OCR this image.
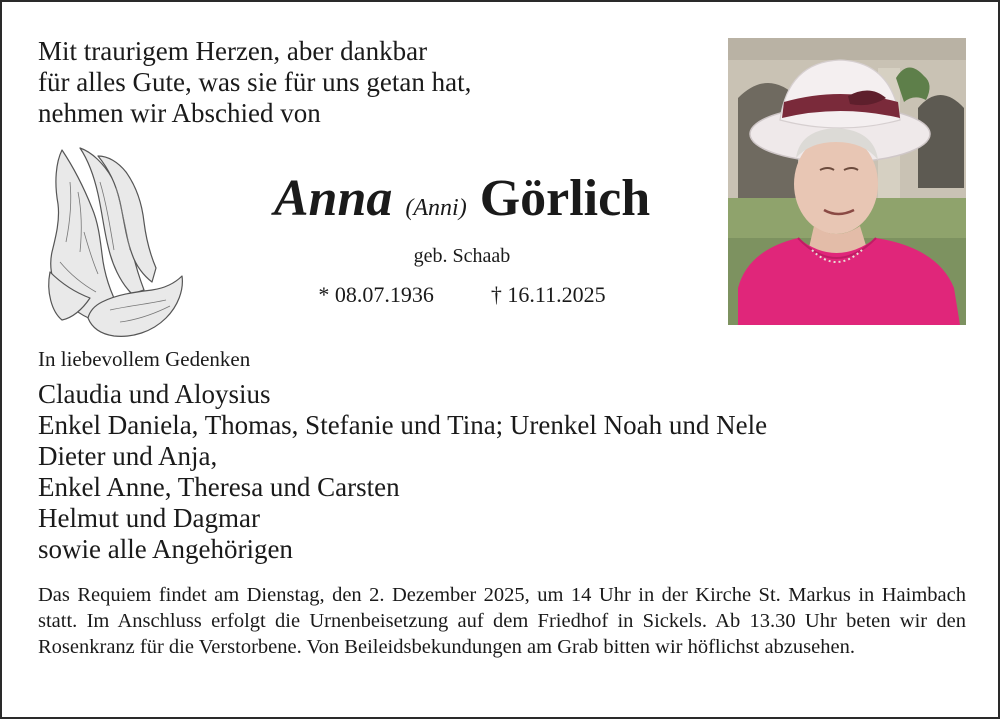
Mit traurigem Herzen, aber dankbar
für alles Gute, was sie für uns getan hat,
nehmen wir Abschied von
Anna (Anni) Görlich
geb. Schaab
* 08.07.1936	† 16.11.2025
In liebevollem Gedenken
Claudia und Aloysius
Enkel Daniela, Thomas, Stefanie und Tina; Urenkel Noah und Nele
Dieter und Anja,
Enkel Anne, Theresa und Carsten
Helmut und Dagmar
sowie alle Angehörigen
Das Requiem findet am Dienstag, den 2. Dezember 2025, um 14 Uhr in der Kirche St. Markus in Haimbach statt. Im Anschluss erfolgt die Urnenbeisetzung auf dem Friedhof in Sickels. Ab 13.30 Uhr beten wir den Rosenkranz für die Verstorbene. Von Beileidsbekundungen am Grab bitten wir höflichst abzusehen.
